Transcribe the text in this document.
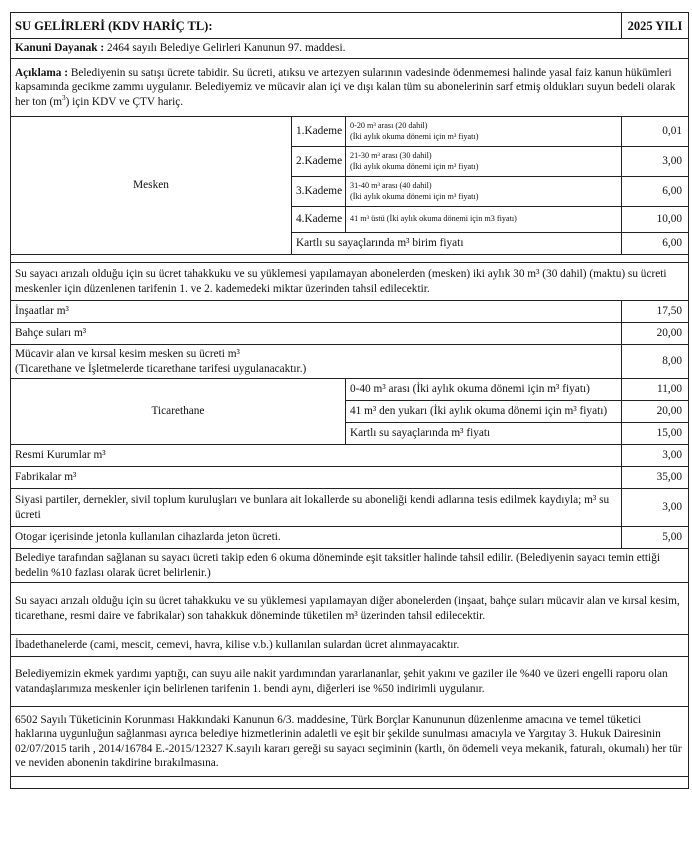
SU GELİRLERİ (KDV HARİÇ TL):			2025 YILI
Kanuni Dayanak : 2464 sayılı Belediye Gelirleri Kanunun 97. maddesi.			
Açıklama : Belediyenin su satışı ücrete tabidir. Su ücreti, atıksu ve artezyen sularının vadesinde ödenmemesi halinde yasal faiz kanun hükümleri kapsamında gecikme zammı uygulanır. Belediyemiz ve mücavir alan içi ve dışı kalan tüm su abonelerinin sarf etmiş oldukları suyun bedeli olarak her ton $(m^3)$ için KDV ve ÇTV hariç.			
Mesken	1.Kademe	0-20 m³ arası (20 dahil)
(İki aylık okuma dönemi için m³ fiyatı)	0,01
	2.Kademe	21-30 m³ arası (30 dahil)
(İki aylık okuma dönemi için m³ fiyatı)	3,00
	3.Kademe	31-40 m³ arası (40 dahil)
(İki aylık okuma dönemi için m³ fiyatı)	6,00
	4.Kademe	41 m³ üstü (İki aylık okuma dönemi için m3 fiyatı)	10,00
	Kartlı su sayaçlarında m³ birim fiyatı		6,00

Su sayacı arızalı olduğu için su ücret tahakkuku ve su yüklemesi yapılamayan abonelerden (mesken) iki aylık 30 m³ (30 dahil) (maktu) su ücreti meskenler için düzenlenen tarifenin 1. ve 2. kademedeki miktar üzerinden tahsil edilecektir.			
İnşaatlar m³			17,50
Bahçe suları m³			20,00

Mücavir alan ve kırsal kesim mesken su ücreti m³
(Ticarethane ve İşletmelerde ticarethane tarifesi uygulanacaktır.)			8,00
Ticarethane		0-40 m³ arası (İki aylık okuma dönemi için m³ fiyatı)	11,00
		41 m³ den yukarı (İki aylık okuma dönemi için m³ fiyatı)	20,00
		Kartlı su sayaçlarında m³ fiyatı	15,00
Resmi Kurumlar m³			3,00
Fabrikalar m³			35,00
Siyasi partiler, dernekler, sivil toplum kuruluşları ve bunlara ait lokallerde su aboneliği kendi adlarına tesis edilmek kaydıyla; m³ su ücreti			3,00
Otogar içerisinde jetonla kullanılan cihazlarda jeton ücreti.			5,00
Belediye tarafından sağlanan su sayacı ücreti takip eden 6 okuma döneminde eşit taksitler halinde tahsil edilir. (Belediyenin sayacı temin ettiği bedelin %10 fazlası olarak ücret belirlenir.)			
Su sayacı arızalı olduğu için su ücret tahakkuku ve su yüklemesi yapılamayan diğer abonelerden (inşaat, bahçe suları mücavir alan ve kırsal kesim, ticarethane, resmi daire ve fabrikalar) son tahakkuk döneminde tüketilen m³ üzerinden tahsil edilecektir.			
İbadethanelerde (cami, mescit, cemevi, havra, kilise v.b.) kullanılan sulardan ücret alınmayacaktır.			
Belediyemizin ekmek yardımı yaptığı, can suyu aile nakit yardımından yararlananlar, şehit yakını ve gaziler ile %40 ve üzeri engelli raporu olan vatandaşlarımıza meskenler için belirlenen tarifenin 1. bendi aynı, diğerleri ise %50 indirimli uygulanır.			
6502 Sayılı Tüketicinin Korunması Hakkındaki Kanunun 6/3. maddesine, Türk Borçlar Kanununun düzenlenme amacına ve temel tüketici haklarına uygunluğun sağlanması ayrıca belediye hizmetlerinin adaletli ve eşit bir şekilde sunulması amacıyla ve Yargıtay 3. Hukuk Dairesinin 02/07/2015 tarih , 2014/16784 E.-2015/12327 K.sayılı kararı gereği su sayacı seçiminin (kartlı, ön ödemeli veya mekanik, faturalı, okumalı) her tür ve neviden abonenin takdirine bırakılmasına.			
